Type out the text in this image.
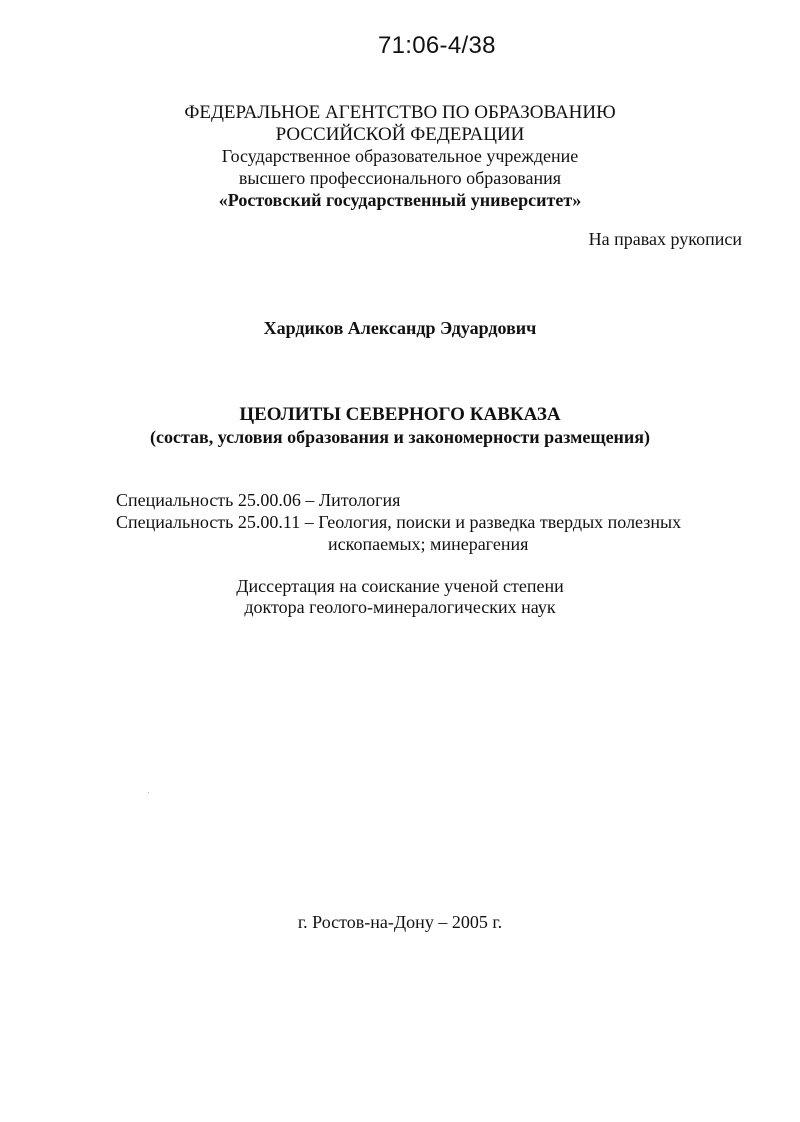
71:06-4/38
ФЕДЕРАЛЬНОЕ АГЕНТСТВО ПО ОБРАЗОВАНИЮ
РОССИЙСКОЙ ФЕДЕРАЦИИ
Государственное образовательное учреждение
высшего профессионального образования
«Ростовский государственный университет»
На правах рукописи
Хардиков Александр Эдуардович
ЦЕОЛИТЫ СЕВЕРНОГО КАВКАЗА
(состав, условия образования и закономерности размещения)
Специальность 25.00.06 – Литология
Специальность 25.00.11 – Геология, поиски и разведка твердых полезных
ископаемых; минерагения
Диссертация на соискание ученой степени
доктора геолого-минералогических наук
г. Ростов-на-Дону – 2005 г.
